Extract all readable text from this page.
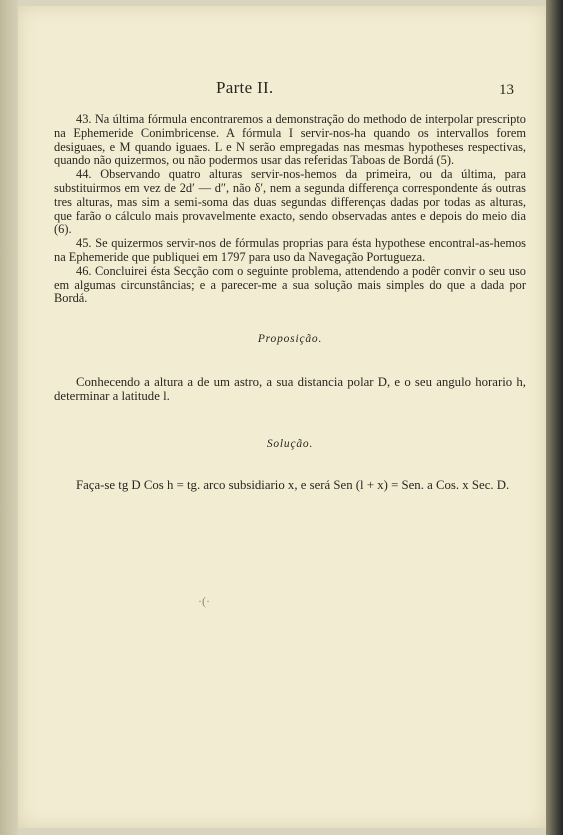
Parte II.	13

43. Na última fórmula encontraremos a demonstração do methodo de interpolar prescripto na Ephemeride Conimbricense. A fórmula I servir-nos-ha quando os intervallos forem desiguaes, e M quando iguaes. L e N serão empregadas nas mesmas hypotheses respectivas, quando não quizermos, ou não podermos usar das referidas Taboas de Bordá (5).

44. Observando quatro alturas servir-nos-hemos da primeira, ou da última, para substituirmos em vez de 2d′ — d″, não δ′, nem a segunda differença correspondente ás outras tres alturas, mas sim a semi-soma das duas segundas differenças dadas por todas as alturas, que farão o cálculo mais provavelmente exacto, sendo observadas antes e depois do meio dia (6).

45. Se quizermos servir-nos de fórmulas proprias para ésta hypothese encontral-as-hemos na Ephemeride que publiquei em 1797 para uso da Navegação Portugueza.

46. Concluirei ésta Secção com o seguinte problema, attendendo a podêr convir o seu uso em algumas circunstâncias; e a parecer-me a sua solução mais simples do que a dada por Bordá.

Proposição.

Conhecendo a altura a de um astro, a sua distancia polar D, e o seu angulo horario h, determinar a latitude l.

Solução.

Faça-se tg D Cos h = tg. arco subsidiario x, e será Sen (l + x) = Sen. a Cos. x Sec. D.

·(·
